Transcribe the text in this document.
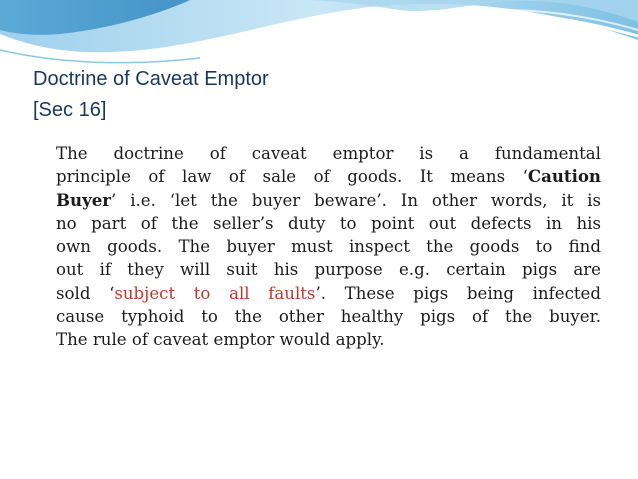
Doctrine of Caveat Emptor
[Sec 16]
The doctrine of caveat emptor is a fundamental
principle of law of sale of goods. It means ‘Caution
Buyer’ i.e. ‘let the buyer beware’. In other words, it is
no part of the seller’s duty to point out defects in his
own goods. The buyer must inspect the goods to find
out if they will suit his purpose e.g. certain pigs are
sold ‘subject to all faults’. These pigs being infected
cause typhoid to the other healthy pigs of the buyer.
The rule of caveat emptor would apply.
